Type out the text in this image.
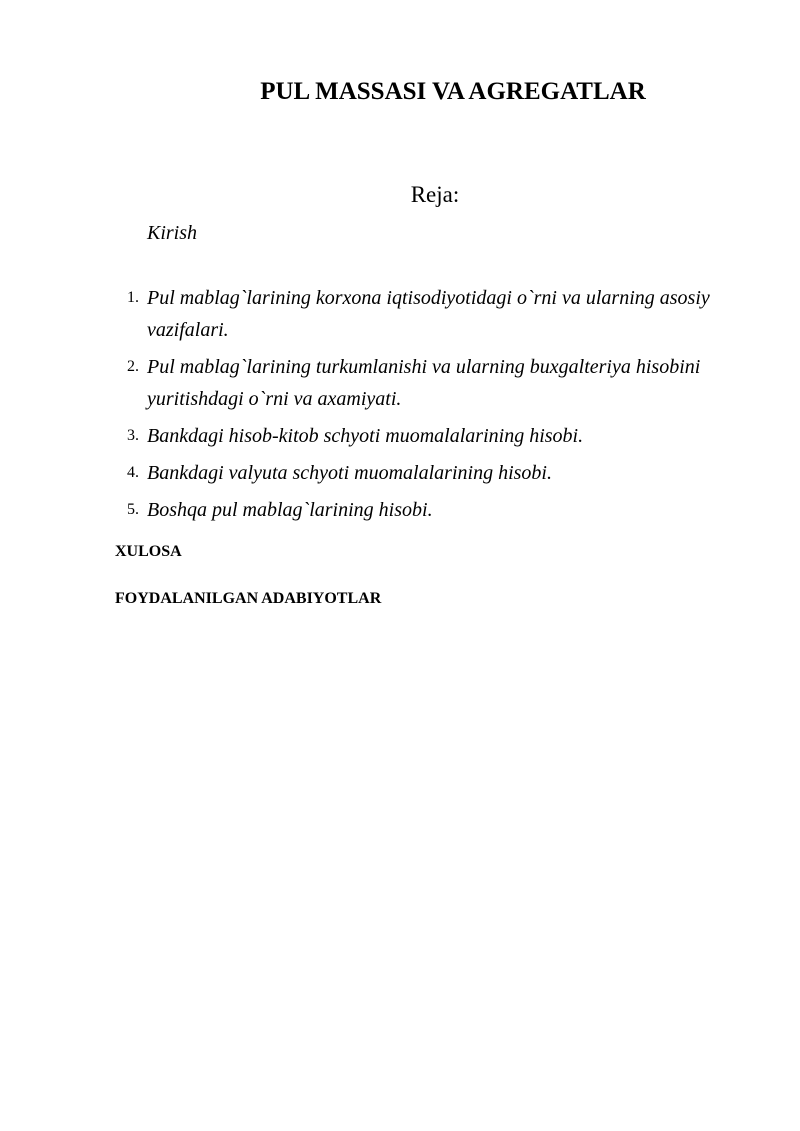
PUL MASSASI VA AGREGATLAR
Reja:
Kirish
1. Pul mablag`larining korxona iqtisodiyotidagi o`rni va ularning asosiy vazifalari.
2. Pul mablag`larining turkumlanishi va ularning buxgalteriya hisobini yuritishdagi o`rni va axamiyati.
3. Bankdagi hisob-kitob schyoti muomalalarining hisobi.
4. Bankdagi valyuta schyoti muomalalarining hisobi.
5. Boshqa pul mablag`larining hisobi.
XULOSA
FOYDALANILGAN ADABIYOTLAR
